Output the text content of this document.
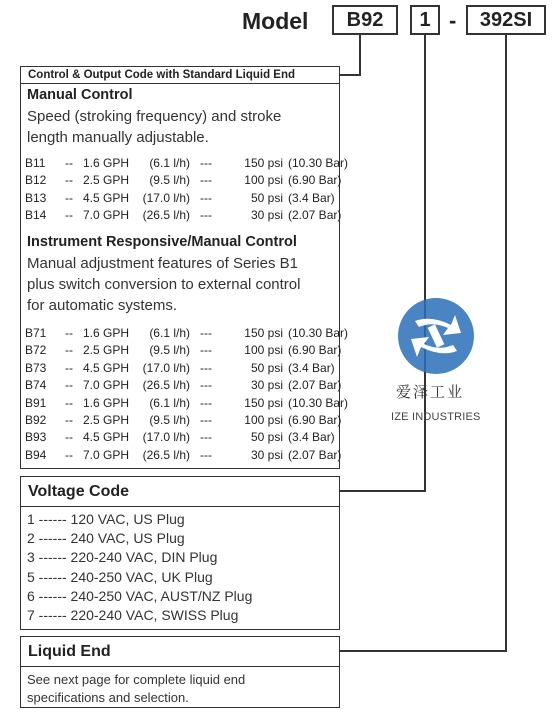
Model	B92	1 -	392SI
Control & Output Code with Standard Liquid End
Manual Control
Speed (stroking frequency) and stroke
length manually adjustable.
B11 -- 1.6 GPH	(6.1 l/h) ---	150 psi (10.30 Bar)
B12 -- 2.5 GPH	(9.5 l/h) ---	100 psi (6.90 Bar)
B13 -- 4.5 GPH (17.0 l/h) ---	50 psi (3.4 Bar)
B14 -- 7.0 GPH (26.5 l/h) ---	30 psi (2.07 Bar)
Instrument Responsive/Manual Control
Manual adjustment features of Series B1
plus switch conversion to external control
for automatic systems.
B71 -- 1.6 GPH	(6.1 l/h) ---	150 psi (10.30 Bar)
B72 -- 2.5 GPH	(9.5 l/h) ---	100 psi (6.90 Bar)
B73 -- 4.5 GPH (17.0 l/h) ---	50 psi (3.4 Bar)
B74 -- 7.0 GPH (26.5 l/h) ---	30 psi (2.07 Bar)
B91 -- 1.6 GPH	(6.1 l/h) ---	150 psi (10.30 Bar)
B92 -- 2.5 GPH	(9.5 l/h) ---	100 psi (6.90 Bar)
B93 -- 4.5 GPH (17.0 l/h) ---	50 psi (3.4 Bar)
B94 -- 7.0 GPH (26.5 l/h) ---	30 psi (2.07 Bar)
Voltage Code
1 ------ 120 VAC, US Plug
2 ------ 240 VAC, US Plug
3 ------ 220-240 VAC, DIN Plug
5 ------ 240-250 VAC, UK Plug
6 ------ 240-250 VAC, AUST/NZ Plug
7 ------ 220-240 VAC, SWISS Plug
Liquid End
See next page for complete liquid end
specifications and selection.
爱泽工业
IZE INDUSTRIES
